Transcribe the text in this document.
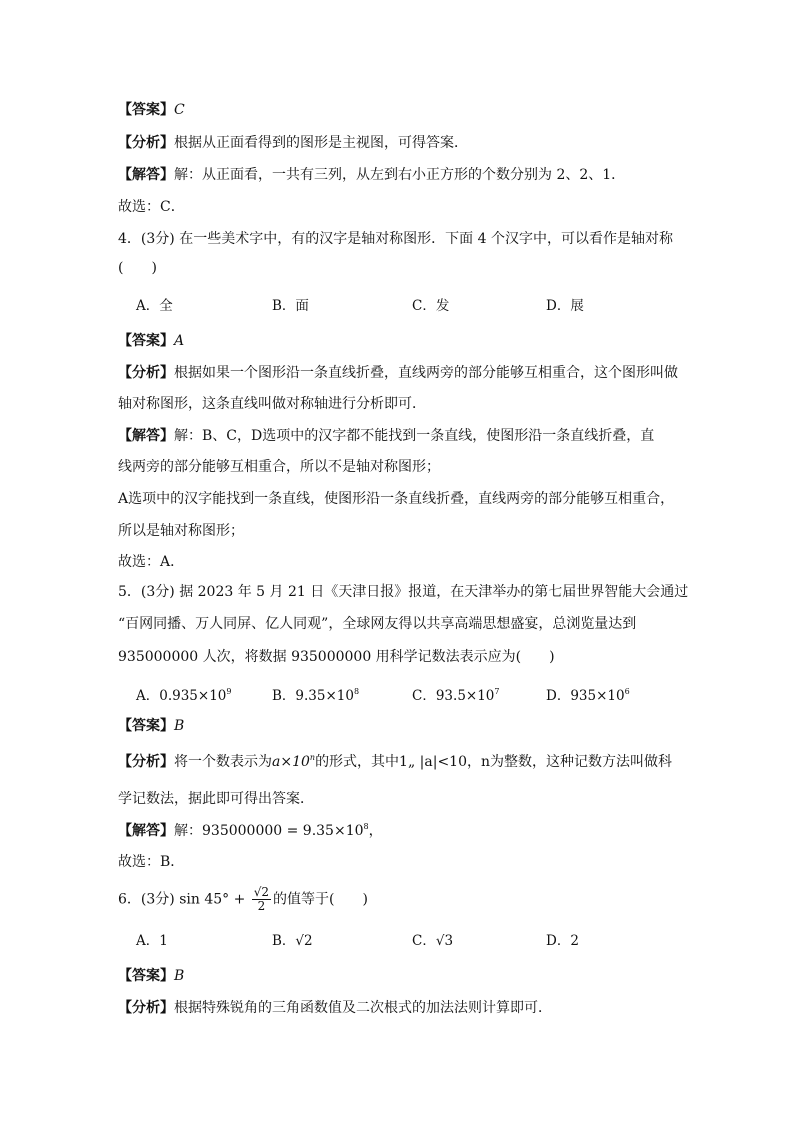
【答案】C
【分析】根据从正面看得到的图形是主视图，可得答案．
【解答】解：从正面看，一共有三列，从左到右小正方形的个数分别为 2、2、1．
故选：C．
4．(3分) 在一些美术字中，有的汉字是轴对称图形．下面 4 个汉字中，可以看作是轴对称
(　　)
A．全	B．面	C．发	D．展
【答案】A
【分析】根据如果一个图形沿一条直线折叠，直线两旁的部分能够互相重合，这个图形叫做
轴对称图形，这条直线叫做对称轴进行分析即可．
【解答】解：B、C，D选项中的汉字都不能找到一条直线，使图形沿一条直线折叠，直
线两旁的部分能够互相重合，所以不是轴对称图形；
A选项中的汉字能找到一条直线，使图形沿一条直线折叠，直线两旁的部分能够互相重合，
所以是轴对称图形；
故选：A．
5．(3分) 据 2023 年 5 月 21 日《天津日报》报道，在天津举办的第七届世界智能大会通过
“百网同播、万人同屏、亿人同观”，全球网友得以共享高端思想盛宴，总浏览量达到
935000000 人次，将数据 935000000 用科学记数法表示应为(　　)
A．$0.935\times 10^9$	B．$9.35\times 10^8$	C．$93.5\times 10^7$	D．$935\times 10^6$
【答案】B
【分析】将一个数表示为$a\times 10^n$的形式，其中1„ |a|<10，n为整数，这种记数方法叫做科
学记数法，据此即可得出答案．
【解答】解：$935000000 = 9.35\times 10^8$，
故选：B．
6．(3分) $\sin 45^\circ + \frac{√2}{2}$ 的值等于(　　)
A．1	B．√2	C．√3	D．2
【答案】B
【分析】根据特殊锐角的三角函数值及二次根式的加法法则计算即可．
